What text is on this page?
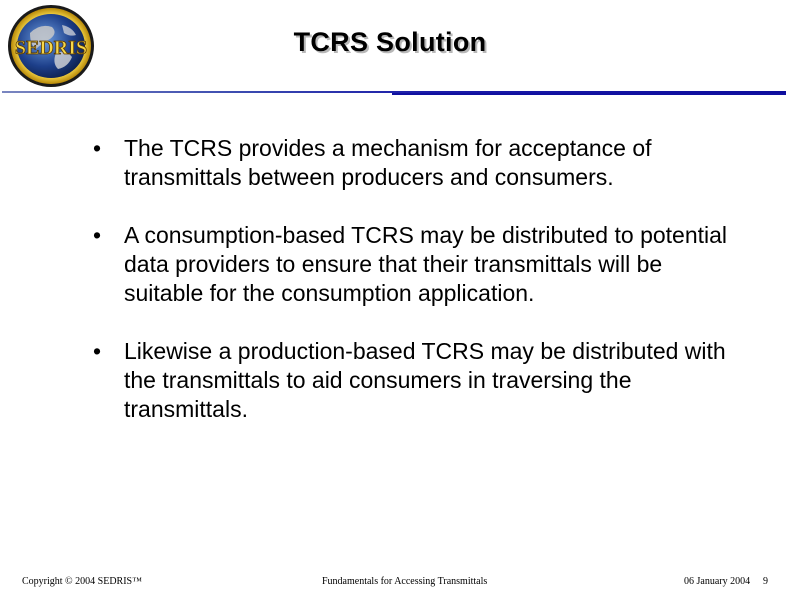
SEDRIS	TCRS Solution
• The TCRS provides a mechanism for acceptance of transmittals between producers and consumers.
• A consumption-based TCRS may be distributed to potential data providers to ensure that their transmittals will be suitable for the consumption application.
• Likewise a production-based TCRS may be distributed with the transmittals to aid consumers in traversing the transmittals.
Copyright © 2004 SEDRIS™	Fundamentals for Accessing Transmittals	06 January 2004 9
